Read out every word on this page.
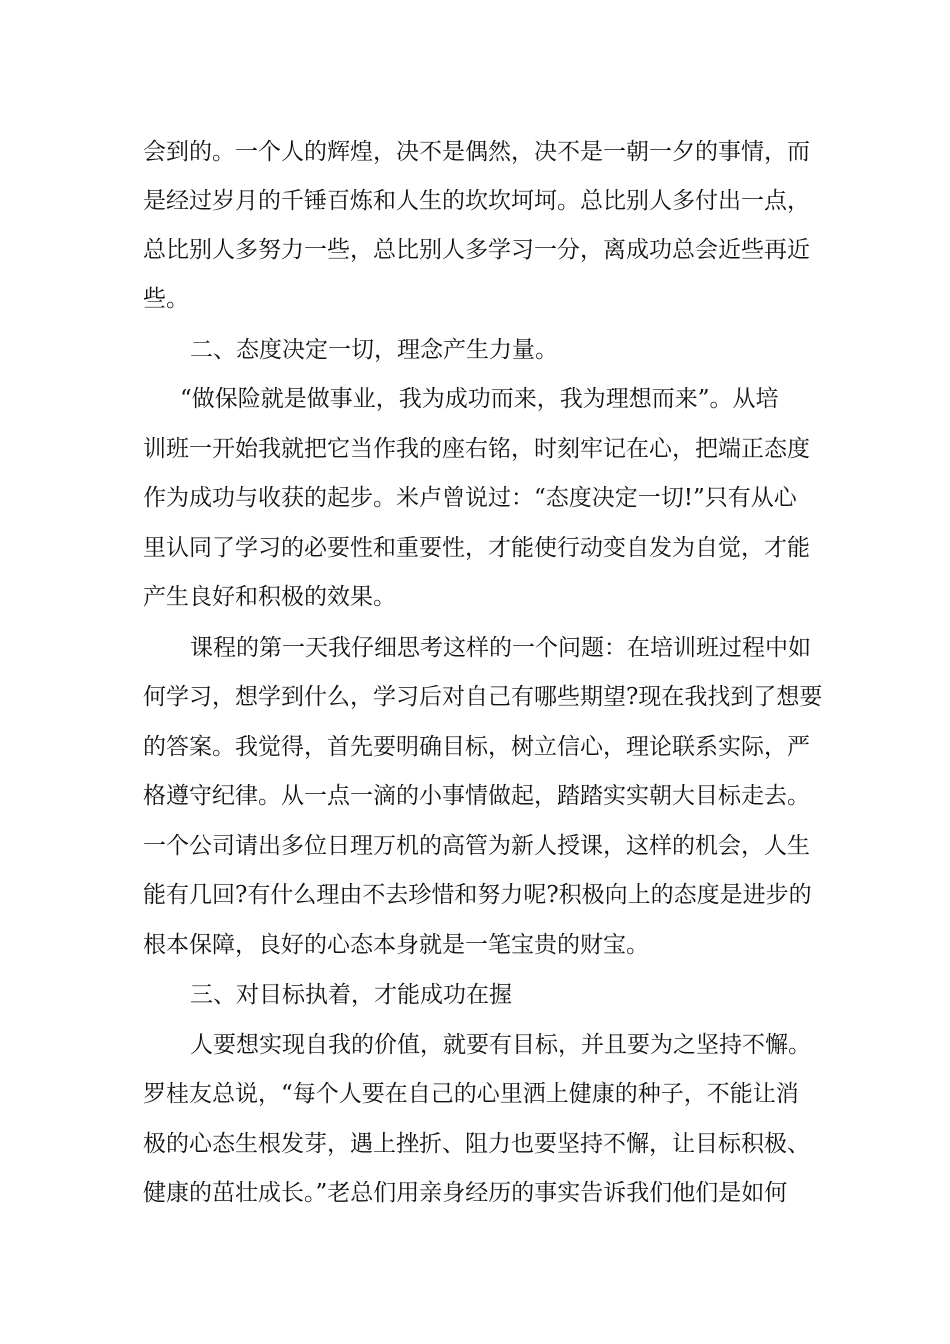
会到的。一个人的辉煌，决不是偶然，决不是一朝一夕的事情，而
是经过岁月的千锤百炼和人生的坎坎坷坷。总比别人多付出一点，
总比别人多努力一些，总比别人多学习一分，离成功总会近些再近
些。
二、态度决定一切，理念产生力量。
“做保险就是做事业，我为成功而来，我为理想而来”。从培
训班一开始我就把它当作我的座右铭，时刻牢记在心，把端正态度
作为成功与收获的起步。米卢曾说过：“态度决定一切!”只有从心
里认同了学习的必要性和重要性，才能使行动变自发为自觉，才能
产生良好和积极的效果。
课程的第一天我仔细思考这样的一个问题：在培训班过程中如
何学习，想学到什么，学习后对自己有哪些期望?现在我找到了想要
的答案。我觉得，首先要明确目标，树立信心，理论联系实际，严
格遵守纪律。从一点一滴的小事情做起，踏踏实实朝大目标走去。
一个公司请出多位日理万机的高管为新人授课，这样的机会，人生
能有几回?有什么理由不去珍惜和努力呢?积极向上的态度是进步的
根本保障，良好的心态本身就是一笔宝贵的财宝。
三、对目标执着，才能成功在握
人要想实现自我的价值，就要有目标，并且要为之坚持不懈。
罗桂友总说，“每个人要在自己的心里洒上健康的种子，不能让消
极的心态生根发芽，遇上挫折、阻力也要坚持不懈，让目标积极、
健康的茁壮成长。”老总们用亲身经历的事实告诉我们他们是如何
